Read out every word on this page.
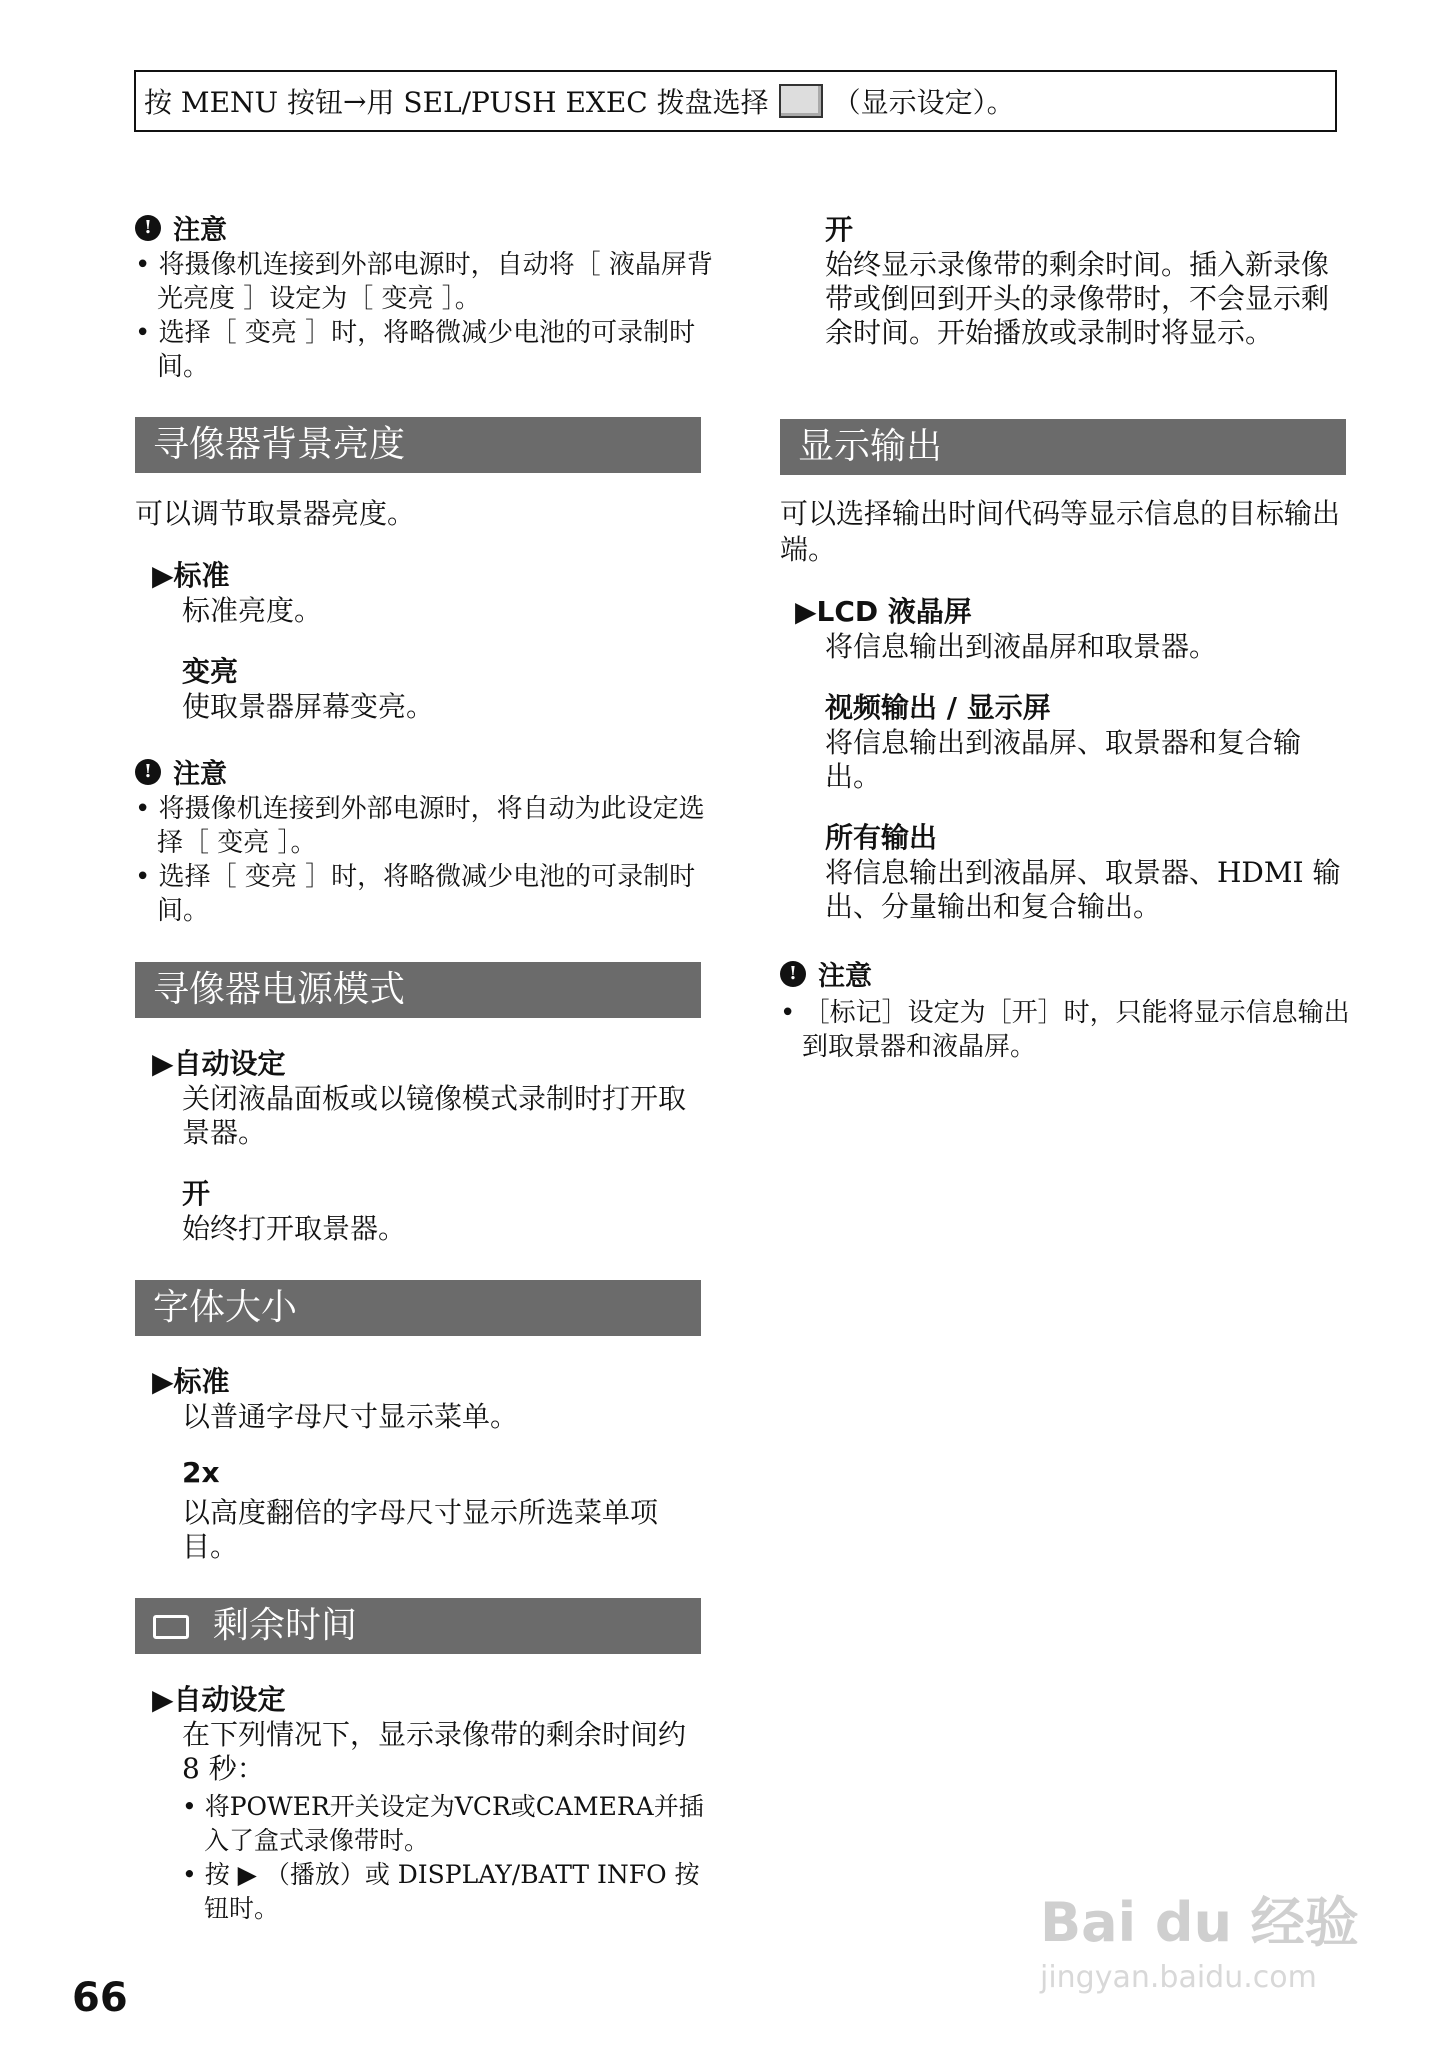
按 MENU 按钮 → 用 SEL/PUSH EXEC 拨盘选择 （显示设定）。
! 注意
• 将摄像机连接到外部电源时，自动将［ 液晶屏背光亮度 ］设定为［ 变亮 ］。
• 选择［ 变亮 ］时，将略微减少电池的可录制时间。
寻像器背景亮度
可以调节取景器亮度。
▶标准
标准亮度。
变亮
使取景器屏幕变亮。
! 注意
• 将摄像机连接到外部电源时，将自动为此设定选择［ 变亮 ］。
• 选择［ 变亮 ］时，将略微减少电池的可录制时间。
寻像器电源模式
▶自动设定
关闭液晶面板或以镜像模式录制时打开取景器。
开
始终打开取景器。
字体大小
▶标准
以普通字母尺寸显示菜单。
2x
以高度翻倍的字母尺寸显示所选菜单项目。
剩余时间
▶自动设定
在下列情况下，显示录像带的剩余时间约 8 秒：
• 将POWER开关设定为VCR或CAMERA并插入了盒式录像带时。
• 按 ▶ （播放）或 DISPLAY/BATT INFO 按钮时。
开
始终显示录像带的剩余时间。插入新录像带或倒回到开头的录像带时，不会显示剩余时间。开始播放或录制时将显示。
显示输出
可以选择输出时间代码等显示信息的目标输出端。
▶LCD 液晶屏
将信息输出到液晶屏和取景器。
视频输出 / 显示屏
将信息输出到液晶屏、取景器和复合输出。
所有输出
将信息输出到液晶屏、取景器、HDMI 输出、分量输出和复合输出。
! 注意
• ［标记］设定为［开］时，只能将显示信息输出到取景器和液晶屏。
66
Bai du 经验
jingyan.baidu.com
